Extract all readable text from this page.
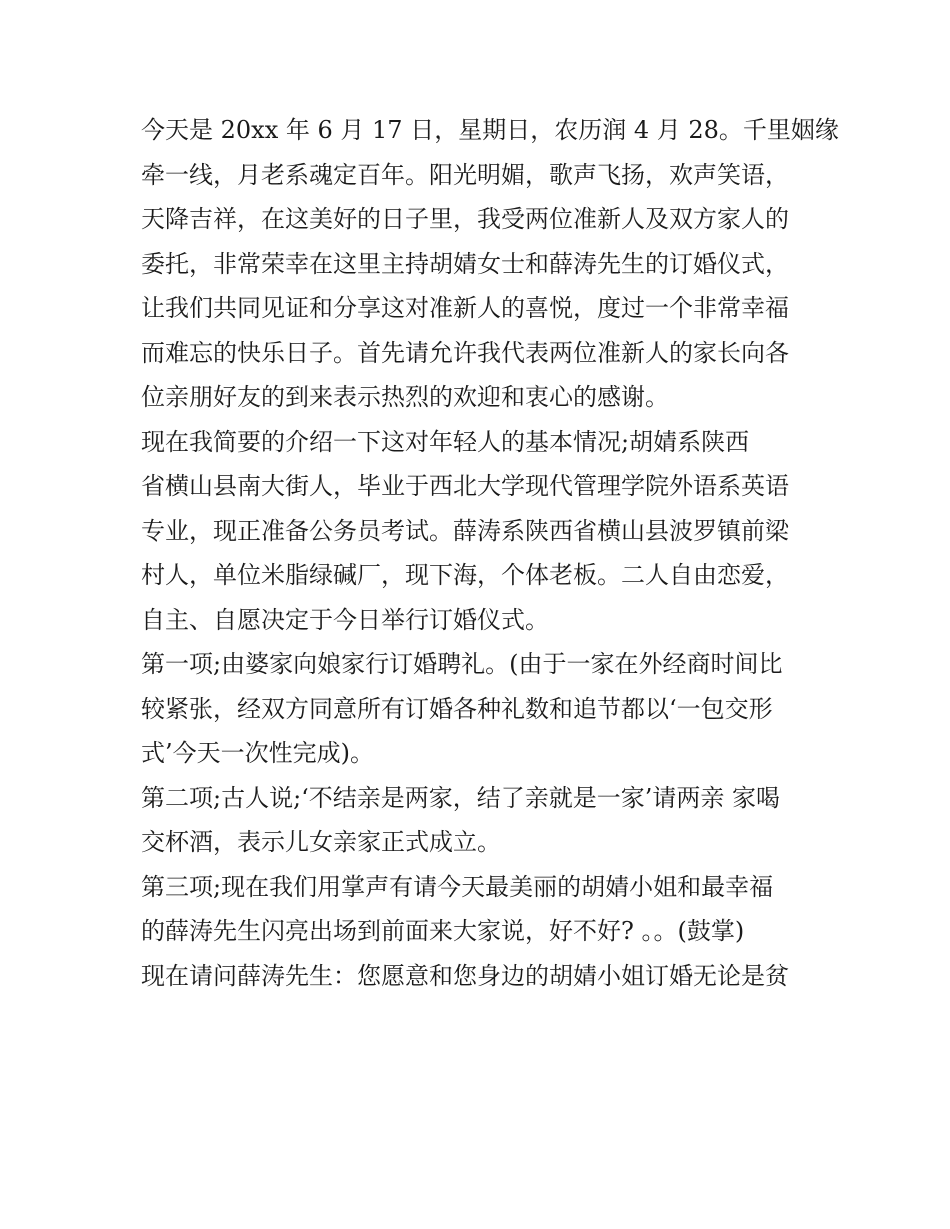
今天是 20xx 年 6 月 17 日，星期日，农历润 4 月 28。千里姻缘
牵一线，月老系魂定百年。阳光明媚，歌声飞扬，欢声笑语，
天降吉祥，在这美好的日子里，我受两位准新人及双方家人的
委托，非常荣幸在这里主持胡婧女士和薛涛先生的订婚仪式，
让我们共同见证和分享这对准新人的喜悦，度过一个非常幸福
而难忘的快乐日子。首先请允许我代表两位准新人的家长向各
位亲朋好友的到来表示热烈的欢迎和衷心的感谢。
现在我简要的介绍一下这对年轻人的基本情况;胡婧系陕西
省横山县南大街人，毕业于西北大学现代管理学院外语系英语
专业，现正准备公务员考试。薛涛系陕西省横山县波罗镇前梁
村人，单位米脂绿碱厂，现下海，个体老板。二人自由恋爱，
自主、自愿决定于今日举行订婚仪式。
第一项;由婆家向娘家行订婚聘礼。(由于一家在外经商时间比
较紧张，经双方同意所有订婚各种礼数和追节都以‘一包交形
式’今天一次性完成)。
第二项;古人说;‘不结亲是两家，结了亲就是一家’请两亲 家喝
交杯酒，表示儿女亲家正式成立。
第三项;现在我们用掌声有请今天最美丽的胡婧小姐和最幸福
的薛涛先生闪亮出场到前面来大家说，好不好? 。。(鼓掌)
现在请问薛涛先生：您愿意和您身边的胡婧小姐订婚无论是贫
